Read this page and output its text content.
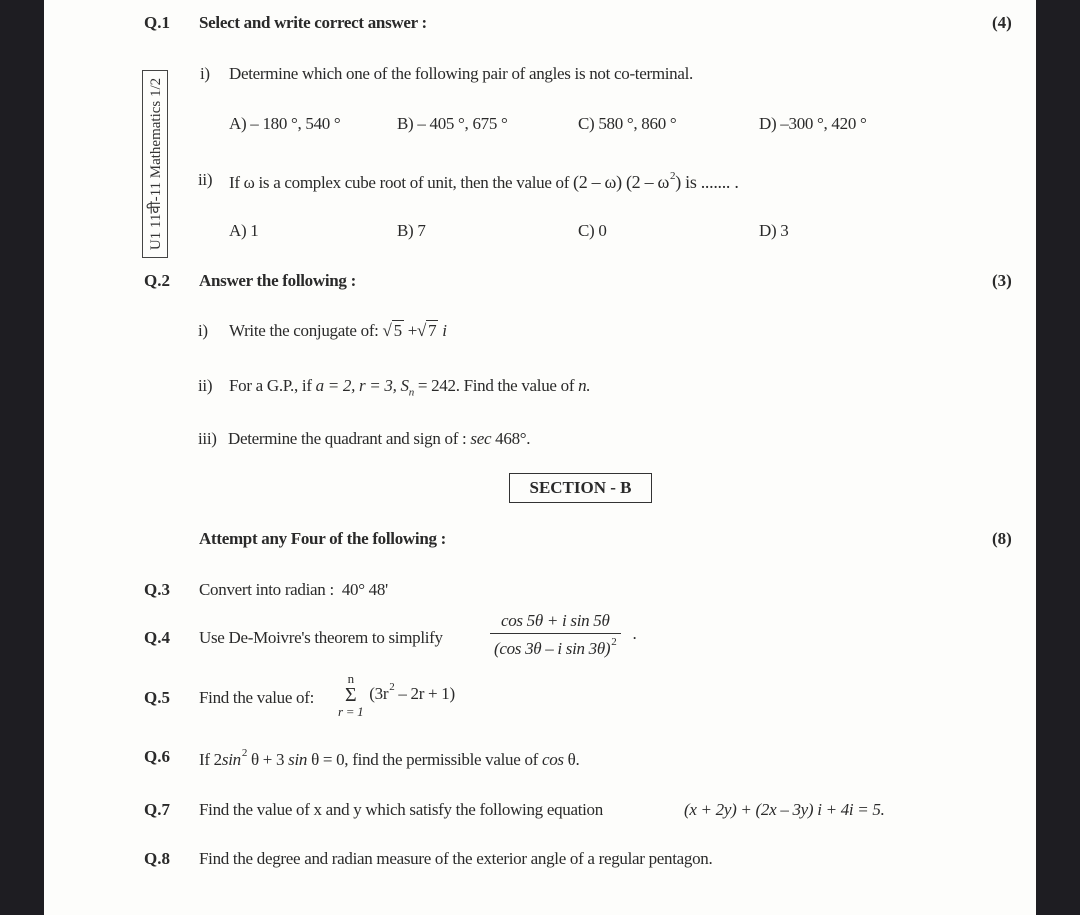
Q.1 Select and write correct answer :	(4)
U1 11वी-11 Mathematics 1/2
i) Determine which one of the following pair of angles is not co-terminal.
A) – 180 °, 540 °	B) – 405 °, 675 °	C) 580 °, 860 °	D) –300 °, 420 °
ii) If ω is a complex cube root of unit, then the value of (2 – ω) $(2 - \omega^2)$ is ....... .
A) 1	B) 7	C) 0	D) 3
Q.2 Answer the following :	(3)
i) Write the conjugate of: √ 5 +√ 7 i
ii) For a G.P., if a = 2, r = 3, $S_n = 242$. Find the value of n.
iii) Determine the quadrant and sign of : sec 468°.
SECTION - B
Attempt any Four of the following :	(8)
Q.3 Convert into radian : 40° 48'
Q.4 Use De-Moivre's theorem to simplify	$\frac{\text{cos 5θ + i sin 5θ}}{(\cos 3\theta - i \sin 3\theta)^2}$ .
Q.5 Find the value of:
n
Σ
r = 1
$(3r^2 - 2r + 1)$
Q.6 If $2\sin^2$ θ + 3 sin θ = 0, find the permissible value of cos θ.
Q.7 Find the value of x and y which satisfy the following equation	(x + 2y) + (2x – 3y) i + 4i = 5.
Q.8 Find the degree and radian measure of the exterior angle of a regular pentagon.
